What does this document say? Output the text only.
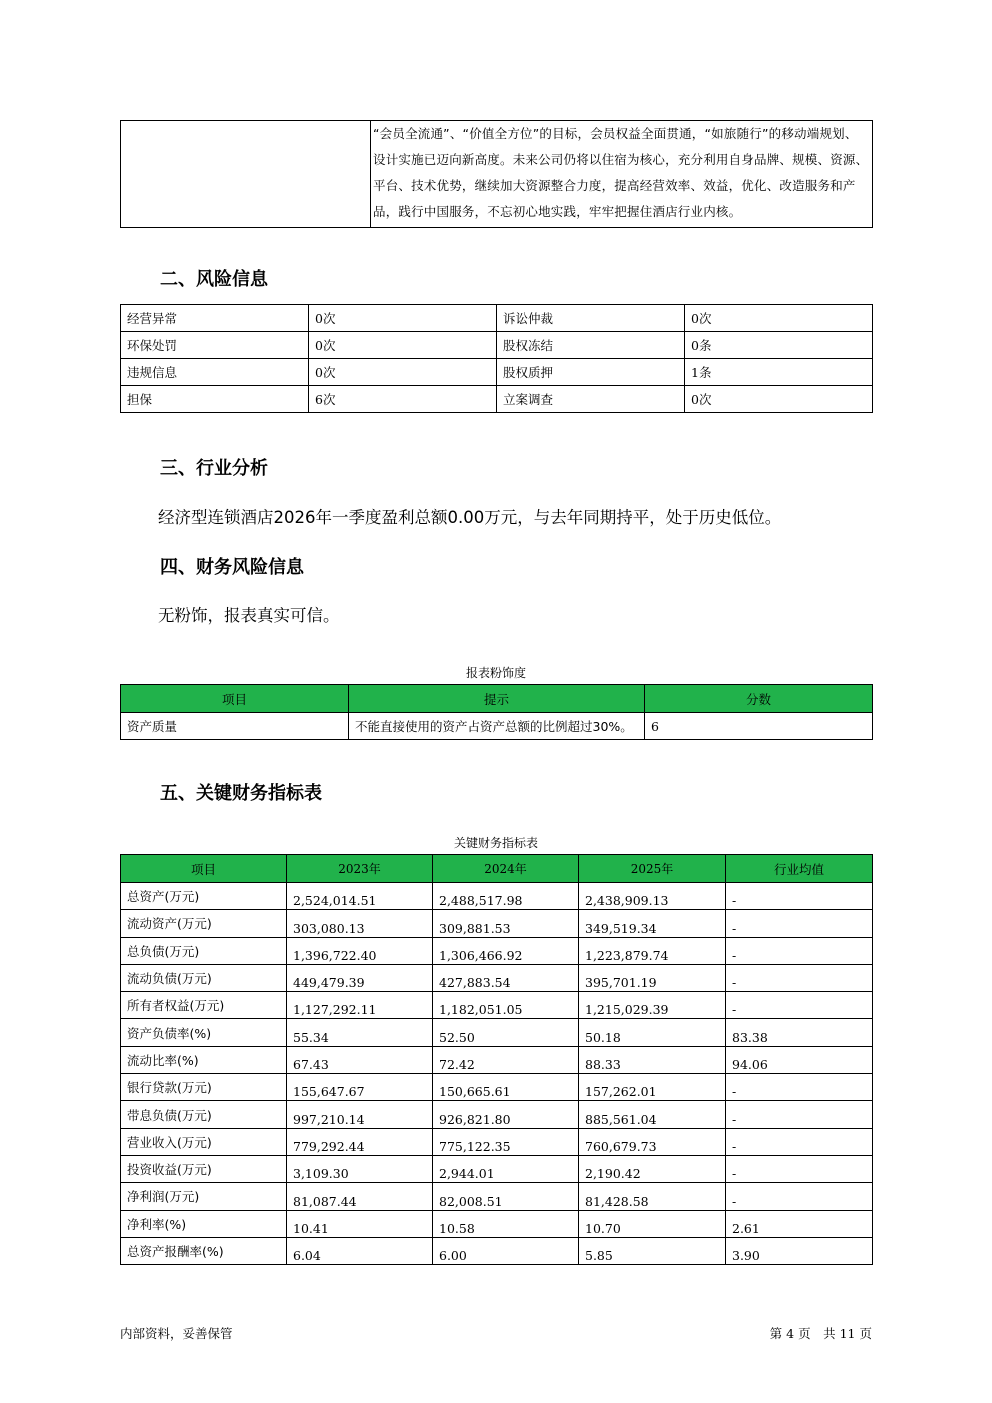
“会员全流通”、“价值全方位”的目标，会员权益全面贯通，“如旅随行”的移动端规划、
设计实施已迈向新高度。未来公司仍将以住宿为核心，充分利用自身品牌、规模、资源、
平台、技术优势，继续加大资源整合力度，提高经营效率、效益，优化、改造服务和产
品，践行中国服务，不忘初心地实践，牢牢把握住酒店行业内核。
二、风险信息
经营异常	0次	诉讼仲裁	0次
环保处罚	0次	股权冻结	0条
违规信息	0次	股权质押	1条
担保	6次	立案调查	0次
三、行业分析

经济型连锁酒店2026年一季度盈利总额0.00万元，与去年同期持平，处于历史低位。

四、财务风险信息

无粉饰，报表真实可信。

报表粉饰度

项目	提示	分数
资产质量	不能直接使用的资产占资产总额的比例超过30%。	6
五、关键财务指标表

关键财务指标表

项目	2023年	2024年	2025年	行业均值
总资产(万元)	2,524,014.51	2,488,517.98	2,438,909.13	-
流动资产(万元)	303,080.13	309,881.53	349,519.34	-
总负债(万元)	1,396,722.40	1,306,466.92	1,223,879.74	-
流动负债(万元)	449,479.39	427,883.54	395,701.19	-
所有者权益(万元)	1,127,292.11	1,182,051.05	1,215,029.39	-
资产负债率(%)	55.34	52.50	50.18	83.38
流动比率(%)	67.43	72.42	88.33	94.06
银行贷款(万元)	155,647.67	150,665.61	157,262.01	-
带息负债(万元)	997,210.14	926,821.80	885,561.04	-
营业收入(万元)	779,292.44	775,122.35	760,679.73	-
投资收益(万元)	3,109.30	2,944.01	2,190.42	-
净利润(万元)	81,087.44	82,008.51	81,428.58	-
净利率(%)	10.41	10.58	10.70	2.61
总资产报酬率(%)	6.04	6.00	5.85	3.90

内部资料，妥善保管	第 4 页　共 11 页
